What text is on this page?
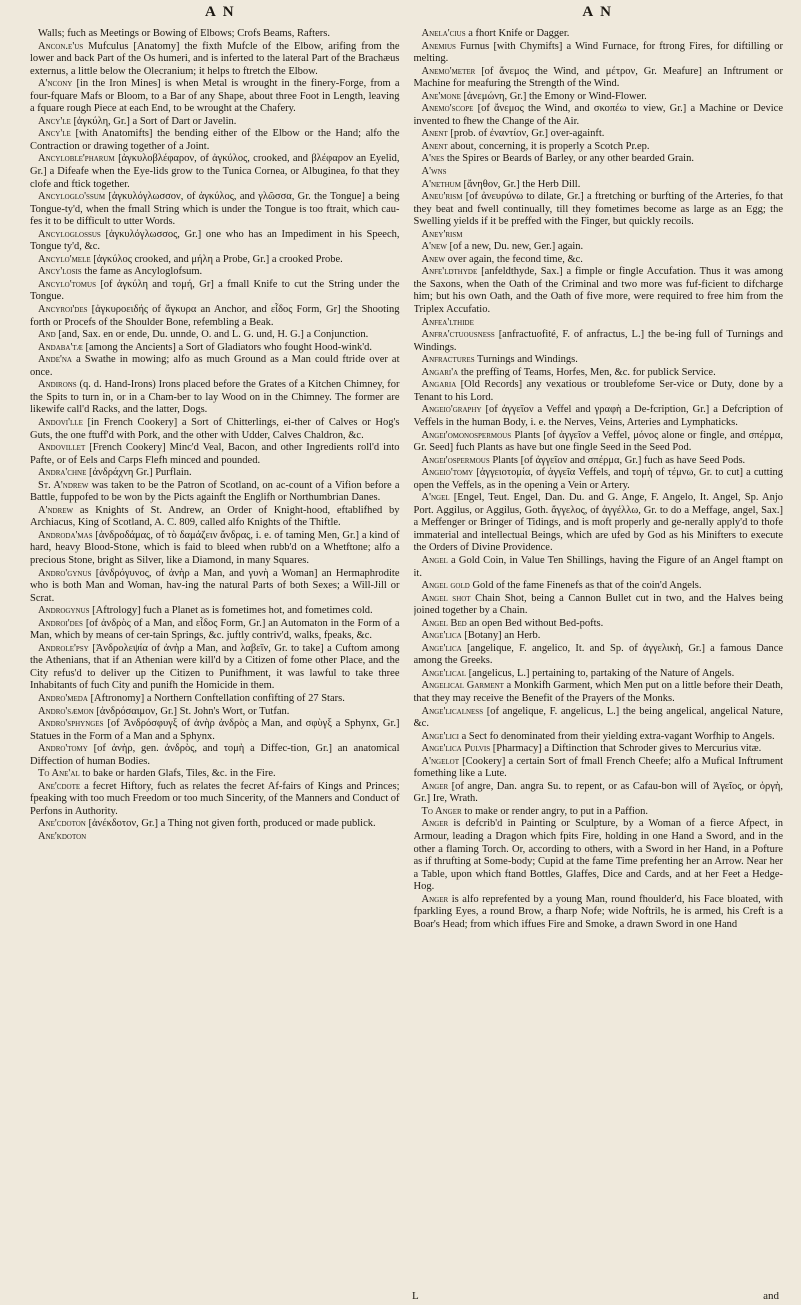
A N	A N

Walls; fuch as Meetings or Bowing of Elbows; Crofs Beams, Rafters.

Ancon.e'us Mufculus [Anatomy] the fixth Mufcle of the Elbow, arifing from the lower and back Part of the Os humeri, and is inferted to the lateral Part of the Brachæus externus, a little below the Olecranium; it helps to ftretch the Elbow.

A'ncony [in the Iron Mines] is when Metal is wrought in the finery-Forge, from a four-fquare Mafs or Bloom, to a Bar of any Shape, about three Foot in Length, leaving a fquare rough Piece at each End, to be wrought at the Chafery.

Ancy'le [ἀγκύλη, Gr.] a Sort of Dart or Javelin.

Ancy'le [with Anatomifts] the bending either of the Elbow or the Hand; alfo the Contraction or drawing together of a Joint.

Ancyloble'pharum [ἀγκυλοβλέφαρον, of ἀγκύλος, crooked, and βλέφαρον an Eyelid, Gr.] a Difeafe when the Eye-lids grow to the Tunica Cornea, or Albuginea, fo that they clofe and ftick together.

Ancyloglo'ssum [ἀγκυλόγλωσσον, of ἀγκύλος, and γλῶσσα, Gr. the Tongue] a being Tongue-ty'd, when the fmall String which is under the Tongue is too ftrait, which cau-fes it to be difficult to utter Words.

Ancyloglossus [ἀγκυλόγλωσσος, Gr.] one who has an Impediment in his Speech, Tongue ty'd, &c.

Ancylo'mele [ἀγκύλος crooked, and μήλη a Probe, Gr.] a crooked Probe.

Ancy'losis the fame as Ancyloglofsum.

Ancylo'tomus [of ἀγκύλη and τομή, Gr] a fmall Knife to cut the String under the Tongue.

Ancyroi'des [ἀγκυροειδής of ἄγκυρα an Anchor, and εἶδος Form, Gr] the Shooting forth or Procefs of the Shoulder Bone, refembling a Beak.

And [and, Sax. en or ende, Du. unnde, O. and L. G. und, H. G.] a Conjunction.

Andaba'tæ [among the Ancients] a Sort of Gladiators who fought Hood-wink'd.

Ande'na a Swathe in mowing; alfo as much Ground as a Man could ftride over at once.

Andirons (q. d. Hand-Irons) Irons placed before the Grates of a Kitchen Chimney, for the Spits to turn in, or in a Cham-ber to lay Wood on in the Chimney. The former are likewife call'd Racks, and the latter, Dogs.

Andovi'lle [in French Cookery] a Sort of Chitterlings, ei-ther of Calves or Hog's Guts, the one ftuff'd with Pork, and the other with Udder, Calves Chaldron, &c.

Andovillet [French Cookery] Minc'd Veal, Bacon, and other Ingredients roll'd into Pafte, or of Eels and Carps Flefh minced and pounded.

Andra'chne [ἀνδράχνη Gr.] Purflain.

St. A'ndrew was taken to be the Patron of Scotland, on ac-count of a Vifion before a Battle, fuppofed to be won by the Picts againft the Englifh or Northumbrian Danes.

A'ndrew as Knights of St. Andrew, an Order of Knight-hood, eftablifhed by Archiacus, King of Scotland, A. C. 809, called alfo Knights of the Thiftle.

Androda'mas [ἀνδροδάμας, of τὸ δαμάζειν ἄνδρας, i. e. of taming Men, Gr.] a kind of hard, heavy Blood-Stone, which is faid to bleed when rubb'd on a Whetftone; alfo a precious Stone, bright as Silver, like a Diamond, in many Squares.

Andro'gynus [ἀνδρόγυνος, of ἀνὴρ a Man, and γυνὴ a Woman] an Hermaphrodite who is both Man and Woman, hav-ing the natural Parts of both Sexes; a Will-Jill or Scrat.

Androgynus [Aftrology] fuch a Planet as is fometimes hot, and fometimes cold.

Androi'des [of ἀνδρὸς of a Man, and εἶδος Form, Gr.] an Automaton in the Form of a Man, which by means of cer-tain Springs, &c. juftly contriv'd, walks, fpeaks, &c.

Androle'psy [Ἀνδρολεψία of ἀνὴρ a Man, and λαβεῖν, Gr. to take] a Cuftom among the Athenians, that if an Athenian were kill'd by a Citizen of fome other Place, and the City refus'd to deliver up the Citizen to Punifhment, it was lawful to take three Inhabitants of fuch City and punifh the Homicide in them.

Andro'meda [Aftronomy] a Northern Conftellation confifting of 27 Stars.

Andro'sæmon [ἀνδρόσαιμον, Gr.] St. John's Wort, or Tutfan.

Andro'sphynges [of Ἀνδρόσφυγξ of ἀνὴρ ἀνδρὸς a Man, and σφὺγξ a Sphynx, Gr.] Statues in the Form of a Man and a Sphynx.

Andro'tomy [of ἀνὴρ, gen. ἀνδρὸς, and τομὴ a Diffec-tion, Gr.] an anatomical Diffection of human Bodies.

To Ane'al to bake or harden Glafs, Tiles, &c. in the Fire.

Ane'cdote a fecret Hiftory, fuch as relates the fecret Af-fairs of Kings and Princes; fpeaking with too much Freedom or too much Sincerity, of the Manners and Conduct of Perfons in Authority.

Ane'cdoton [ἀνέκδοτον, Gr.] a Thing not given forth, produced or made publick.

Ane'kdoton

Anela'cius a fhort Knife or Dagger.

Anemius Furnus [with Chymifts] a Wind Furnace, for ftrong Fires, for diftilling or melting.

Anemo'meter [of ἄνεμος the Wind, and μέτρον, Gr. Meafure] an Inftrument or Machine for meafuring the Strength of the Wind.

Ane'mone [ἀνεμώνη, Gr.] the Emony or Wind-Flower.

Anemo'scope [of ἄνεμος the Wind, and σκοπέω to view, Gr.] a Machine or Device invented to fhew the Change of the Air.

Anent [prob. of ἐναντίον, Gr.] over-againft.

Anent about, concerning, it is properly a Scotch Pr.ep.

A'nes the Spires or Beards of Barley, or any other bearded Grain.

A'wns

A'nethum [ἄνηθον, Gr.] the Herb Dill.

Aneu'rism [of ἀνευρύνω to dilate, Gr.] a ftretching or burfting of the Arteries, fo that they beat and fwell continually, till they fometimes become as large as an Egg; the Swelling yields if it be preffed with the Finger, but quickly recoils.

Aney'rism

A'new [of a new, Du. new, Ger.] again.

Anew over again, the fecond time, &c.

Anfe'ldthyde [anfeldthyde, Sax.] a fimple or fingle Accufation. Thus it was among the Saxons, when the Oath of the Criminal and two more was fuf-ficient to difcharge him; but his own Oath, and the Oath of five more, were required to free him from the Triplex Accufatio.

Anfea'lthide

Anfra'ctuousness [anfractuofité, F. of anfractus, L.] the be-ing full of Turnings and Windings.

Anfractures Turnings and Windings.

Angari'a the preffing of Teams, Horfes, Men, &c. for publick Service.

Angaria [Old Records] any vexatious or troublefome Ser-vice or Duty, done by a Tenant to his Lord.

Angeio'graphy [of ἀγγεῖον a Veffel and γραφὴ a De-fcription, Gr.] a Defcription of Veffels in the human Body, i. e. the Nerves, Veins, Arteries and Lymphaticks.

Angei'omonospermous Plants [of ἀγγεῖον a Veffel, μόνος alone or fingle, and σπέρμα, Gr. Seed] fuch Plants as have but one fingle Seed in the Seed Pod.

Angei'ospermous Plants [of ἀγγεῖον and σπέρμα, Gr.] fuch as have Seed Pods.

Angeio'tomy [ἀγγειοτομία, of ἀγγεῖα Veffels, and τομὴ of τέμνω, Gr. to cut] a cutting open the Veffels, as in the opening a Vein or Artery.

A'ngel [Engel, Teut. Engel, Dan. Du. and G. Ange, F. Angelo, It. Angel, Sp. Anjo Port. Aggilus, or Aggilus, Goth. ἄγγελος, of ἀγγέλλω, Gr. to do a Meffage, angel, Sax.] a Meffenger or Bringer of Tidings, and is moft properly and ge-nerally apply'd to thofe immaterial and intellectual Beings, which are ufed by God as his Minifters to execute the Orders of Divine Providence.

Angel a Gold Coin, in Value Ten Shillings, having the Figure of an Angel ftampt on it.

Angel gold Gold of the fame Finenefs as that of the coin'd Angels.

Angel shot Chain Shot, being a Cannon Bullet cut in two, and the Halves being joined together by a Chain.

Angel Bed an open Bed without Bed-pofts.

Ange'lica [Botany] an Herb.

Ange'lica [angelique, F. angelico, It. and Sp. of ἀγγελικὴ, Gr.] a famous Dance among the Greeks.

Ange'lical [angelicus, L.] pertaining to, partaking of the Nature of Angels.

Angelical Garment a Monkifh Garment, which Men put on a little before their Death, that they may receive the Benefit of the Prayers of the Monks.

Ange'licalness [of angelique, F. angelicus, L.] the being angelical, angelical Nature, &c.

Ange'lici a Sect fo denominated from their yielding extra-vagant Worfhip to Angels.

Ange'lica Pulvis [Pharmacy] a Diftinction that Schroder gives to Mercurius vitæ.

A'ngelot [Cookery] a certain Sort of fmall French Cheefe; alfo a Mufical Inftrument fomething like a Lute.

Anger [of angre, Dan. angra Su. to repent, or as Cafau-bon will of Ἀγεῖος, or ὀργὴ, Gr.] Ire, Wrath.

To Anger to make or render angry, to put in a Paffion.

Anger is defcrib'd in Painting or Sculpture, by a Woman of a fierce Afpect, in Armour, leading a Dragon which fpits Fire, holding in one Hand a Sword, and in the other a flaming Torch. Or, according to others, with a Sword in her Hand, in a Pofture as if thrufting at Some-body; Cupid at the fame Time prefenting her an Arrow. Near her a Table, upon which ftand Bottles, Glaffes, Dice and Cards, and at her Feet a Hedge-Hog.

Anger is alfo reprefented by a young Man, round fhoulder'd, his Face bloated, with fparkling Eyes, a round Brow, a fharp Nofe; wide Noftrils, he is armed, his Creft is a Boar's Head; from which iffues Fire and Smoke, a drawn Sword in one Hand

L	and
